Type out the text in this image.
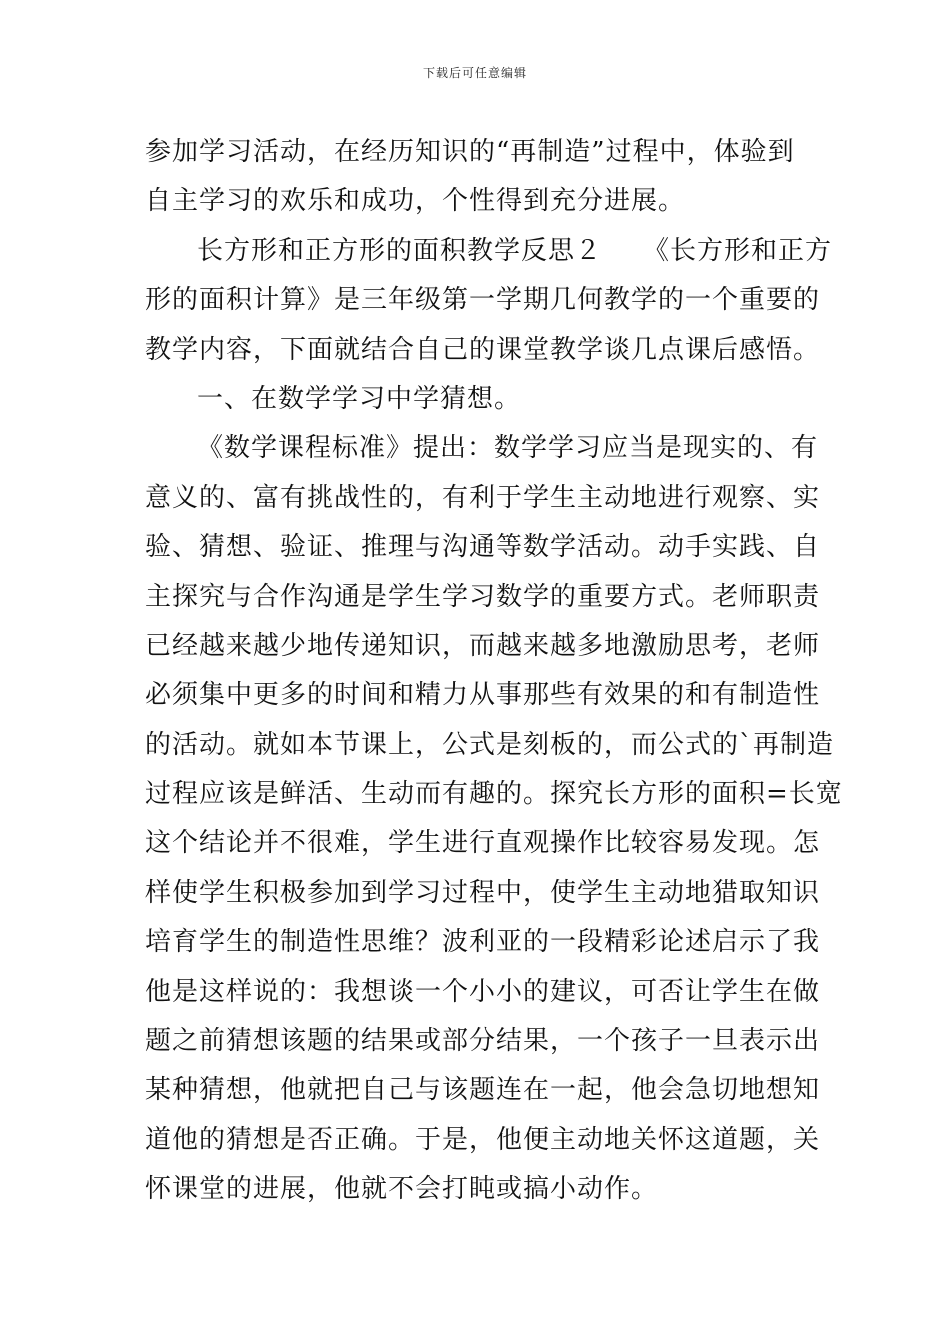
下载后可任意编辑
参加学习活动，在经历知识的“再制造”过程中，体验到
自主学习的欢乐和成功，个性得到充分进展。
长方形和正方形的面积教学反思２　　《长方形和正方
形的面积计算》是三年级第一学期几何教学的一个重要的
教学内容，下面就结合自己的课堂教学谈几点课后感悟。
一、在数学学习中学猜想。
《数学课程标准》提出：数学学习应当是现实的、有
意义的、富有挑战性的，有利于学生主动地进行观察、实
验、猜想、验证、推理与沟通等数学活动。动手实践、自
主探究与合作沟通是学生学习数学的重要方式。老师职责
已经越来越少地传递知识，而越来越多地激励思考，老师
必须集中更多的时间和精力从事那些有效果的和有制造性
的活动。就如本节课上，公式是刻板的，而公式的`再制造
过程应该是鲜活、生动而有趣的。探究长方形的面积=长宽
这个结论并不很难，学生进行直观操作比较容易发现。怎
样使学生积极参加到学习过程中，使学生主动地猎取知识
培育学生的制造性思维？波利亚的一段精彩论述启示了我
他是这样说的：我想谈一个小小的建议，可否让学生在做
题之前猜想该题的结果或部分结果，一个孩子一旦表示出
某种猜想，他就把自己与该题连在一起，他会急切地想知
道他的猜想是否正确。于是，他便主动地关怀这道题，关
怀课堂的进展，他就不会打盹或搞小动作。
